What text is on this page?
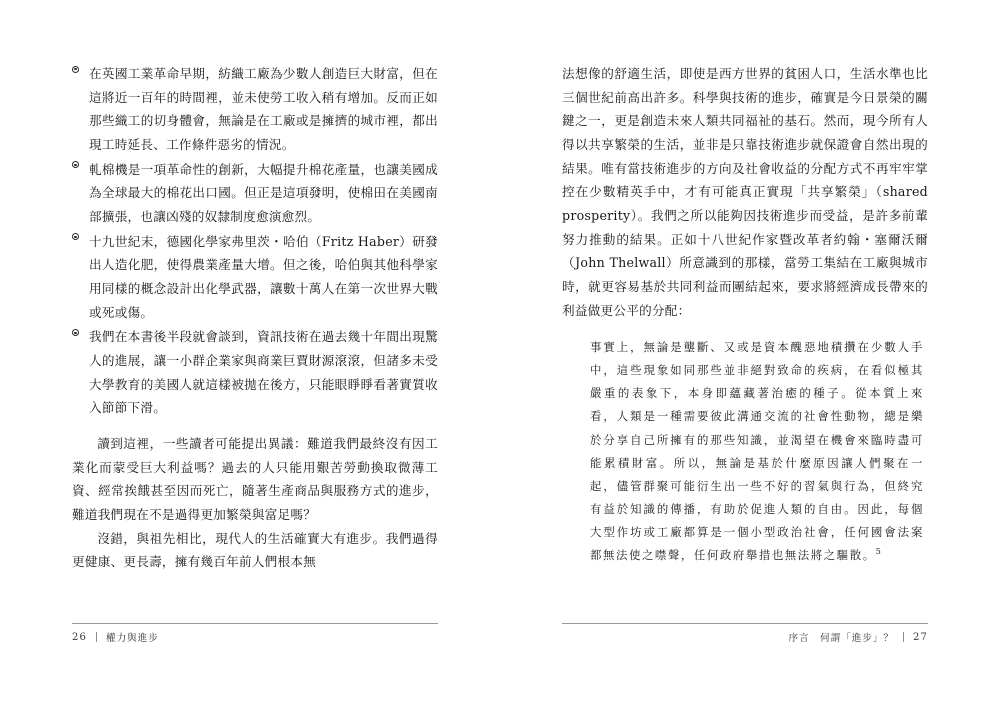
在英國工業革命早期，紡織工廠為少數人創造巨大財富，但在這將近一百年的時間裡，並未使勞工收入稍有增加。反而正如那些織工的切身體會，無論是在工廠或是擁擠的城市裡，都出現工時延長、工作條件惡劣的情況。
軋棉機是一項革命性的創新，大幅提升棉花產量，也讓美國成為全球最大的棉花出口國。但正是這項發明，使棉田在美國南部擴張，也讓凶殘的奴隸制度愈演愈烈。
十九世紀末，德國化學家弗里茨・哈伯（Fritz Haber）研發出人造化肥，使得農業產量大增。但之後，哈伯與其他科學家用同樣的概念設計出化學武器，讓數十萬人在第一次世界大戰或死或傷。
我們在本書後半段就會談到，資訊技術在過去幾十年間出現驚人的進展，讓一小群企業家與商業巨賈財源滾滾，但諸多未受大學教育的美國人就這樣被拋在後方，只能眼睜睜看著實質收入節節下滑。

讀到這裡，一些讀者可能提出異議：難道我們最終沒有因工業化而蒙受巨大利益嗎？過去的人只能用艱苦勞動換取微薄工資、經常挨餓甚至因而死亡，隨著生產商品與服務方式的進步，難道我們現在不是過得更加繁榮與富足嗎？

沒錯，與祖先相比，現代人的生活確實大有進步。我們過得更健康、更長壽，擁有幾百年前人們根本無

26 權力與進步

法想像的舒適生活，即使是西方世界的貧困人口，生活水準也比三個世紀前高出許多。科學與技術的進步，確實是今日景榮的關鍵之一，更是創造未來人類共同福祉的基石。然而，現今所有人得以共享繁榮的生活，並非是只靠技術進步就保證會自然出現的結果。唯有當技術進步的方向及社會收益的分配方式不再牢牢掌控在少數精英手中，才有可能真正實現「共享繁榮」（shared prosperity）。我們之所以能夠因技術進步而受益，是許多前輩努力推動的結果。正如十八世紀作家暨改革者約翰・塞爾沃爾（John Thelwall）所意識到的那樣，當勞工集結在工廠與城市時，就更容易基於共同利益而團結起來，要求將經濟成長帶來的利益做更公平的分配：

事實上，無論是壟斷、又或是資本醜惡地積攢在少數人手中，這些現象如同那些並非絕對致命的疾病，在看似極其嚴重的表象下，本身即蘊藏著治癒的種子。從本質上來看，人類是一種需要彼此溝通交流的社會性動物，總是樂於分享自己所擁有的那些知識，並渴望在機會來臨時盡可能累積財富。所以，無論是基於什麼原因讓人們聚在一起，儘管群聚可能衍生出一些不好的習氣與行為，但終究有益於知識的傳播，有助於促進人類的自由。因此，每個大型作坊或工廠都算是一個小型政治社會，任何國會法案都無法使之噤聲，任何政府舉措也無法將之驅散。$^5$
序言　何謂「進步」？ 27
